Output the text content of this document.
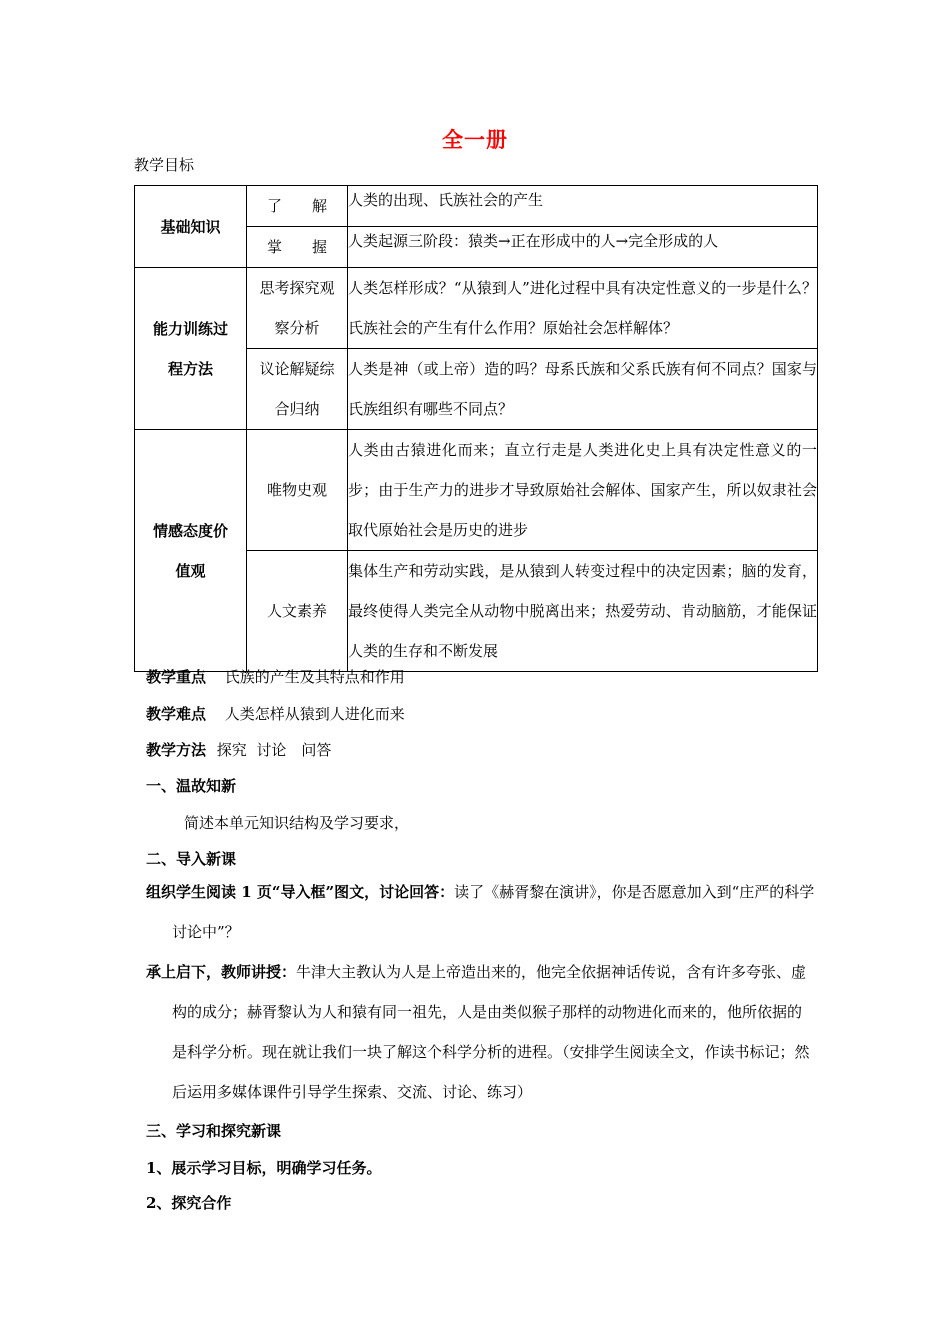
全一册
教学目标
基础知识	了　　解	人类的出现、氏族社会的产生
	掌　　握	人类起源三阶段：猿类→正在形成中的人→完全形成的人
能力训练过程方法	思考探究观察分析	人类怎样形成？“从猿到人”进化过程中具有决定性意义的一步是什么？氏族社会的产生有什么作用？原始社会怎样解体？
	议论解疑综合归纳	人类是神（或上帝）造的吗？母系氏族和父系氏族有何不同点？国家与氏族组织有哪些不同点？
情感态度价 值观	唯物史观	人类由古猿进化而来；直立行走是人类进化史上具有决定性意义的一步；由于生产力的进步才导致原始社会解体、国家产生，所以奴隶社会取代原始社会是历史的进步
	人文素养	集体生产和劳动实践，是从猿到人转变过程中的决定因素；脑的发育，最终使得人类完全从动物中脱离出来；热爱劳动、肯动脑筋，才能保证人类的生存和不断发展
教学重点 氏族的产生及其特点和作用
教学难点 人类怎样从猿到人进化而来
教学方法 探究  讨论　问答
一、温故知新
简述本单元知识结构及学习要求，
二、导入新课
组织学生阅读 1 页“导入框”图文，讨论回答：读了《赫胥黎在演讲》，你是否愿意加入到“庄严的科学讨论中”？
承上启下，教师讲授：牛津大主教认为人是上帝造出来的，他完全依据神话传说，含有许多夸张、虚构的成分；赫胥黎认为人和猿有同一祖先，人是由类似猴子那样的动物进化而来的，他所依据的是科学分析。现在就让我们一块了解这个科学分析的进程。（安排学生阅读全文，作读书标记；然后运用多媒体课件引导学生探索、交流、讨论、练习）
三、学习和探究新课
1、展示学习目标，明确学习任务。
2、探究合作
